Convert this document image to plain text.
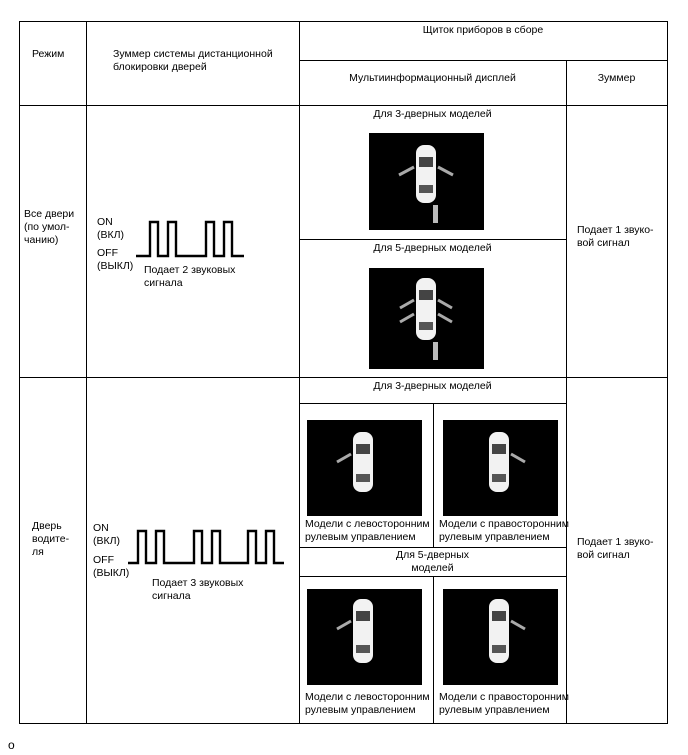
Режим	Зуммер системы дистанционной
блокировки дверей
Щиток приборов в сборе
Мультиинформационный дисплей	Зуммер
Все двери
(по умол-
чанию)
ON
(ВКЛ)
OFF
(ВЫКЛ) Подает 2 звуковых
сигнала
Для 3-дверных моделей
Для 5-дверных моделей
Подает 1 звуко-
вой сигнал
Дверь
водите-
ля
ON
(ВКЛ)
OFF
(ВЫКЛ)
Подает 3 звуковых
сигнала
Для 3-дверных моделей
Модели с левосторонним
рулевым управлением
Модели с правосторонним
рулевым управлением
Для 5-дверных
моделей
Модели с левосторонним
рулевым управлением
Модели с правосторонним
рулевым управлением
Подает 1 звуко-
вой сигнал
o
